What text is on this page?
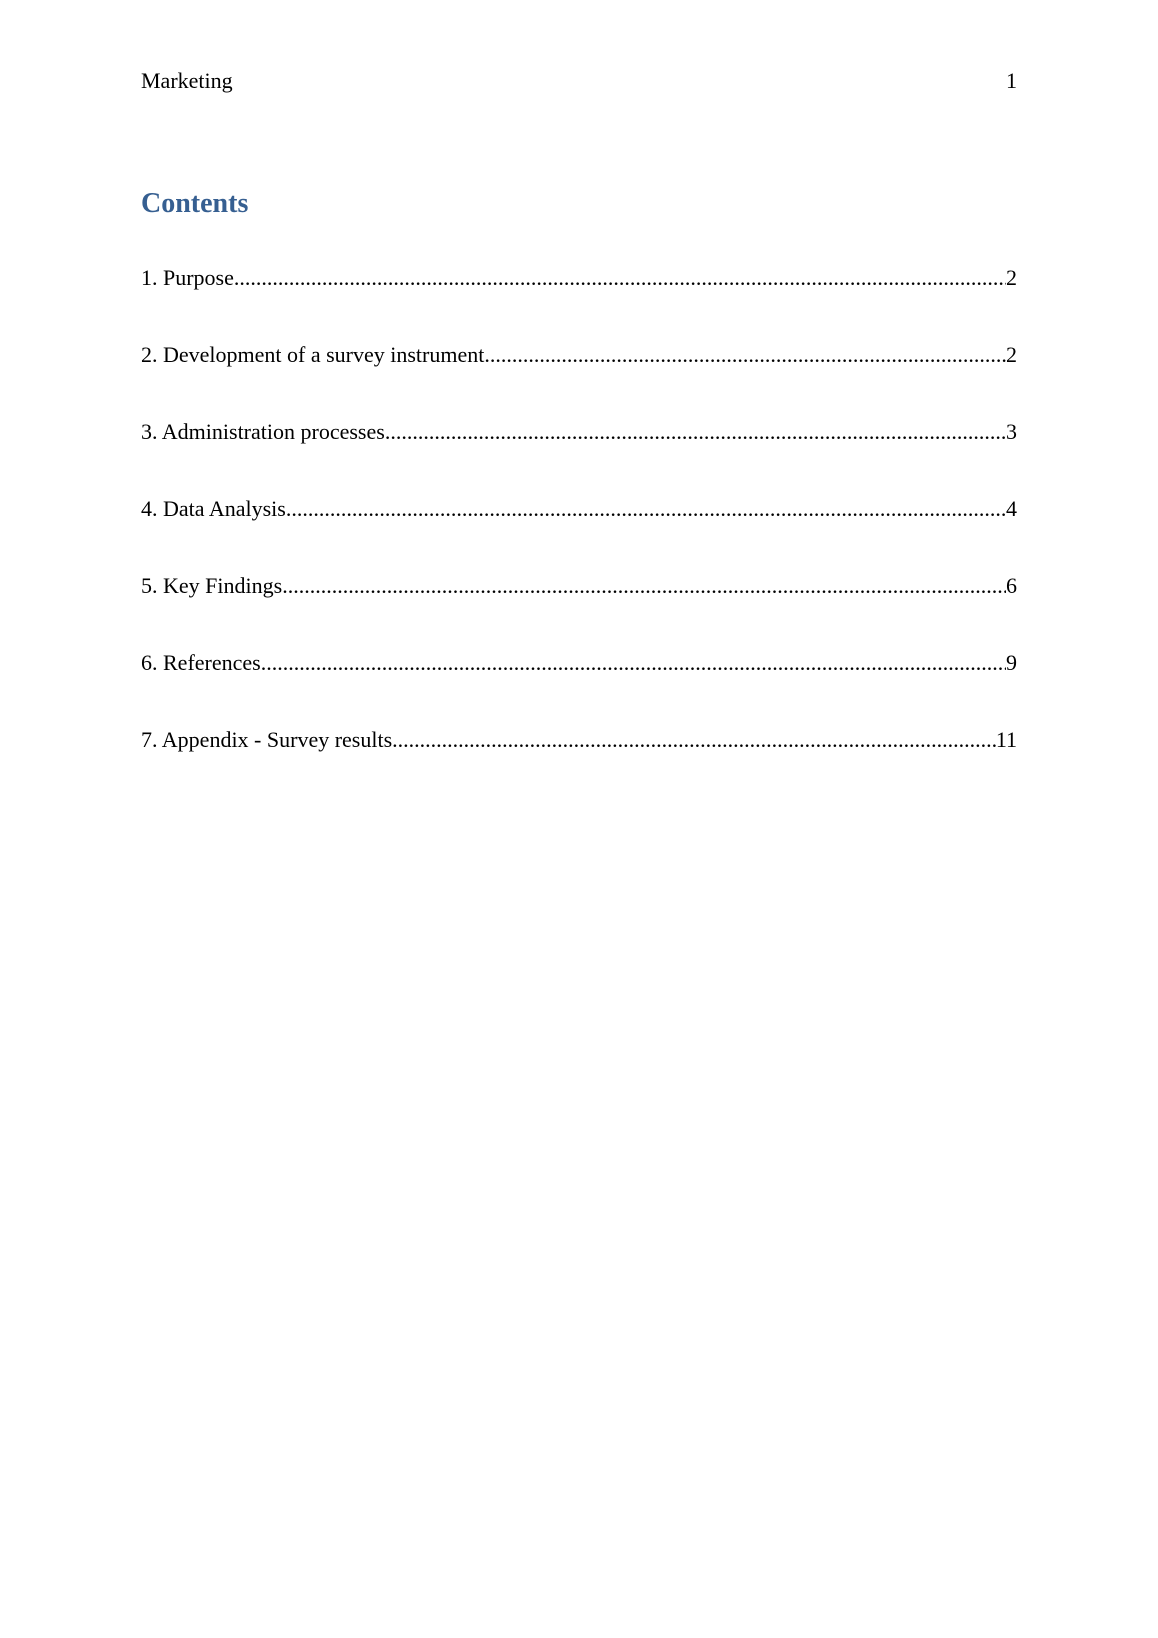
Marketing	1
Contents
1. Purpose .....	2
2. Development of a survey instrument .....	2
3. Administration processes .....	3
4. Data Analysis .....	4
5. Key Findings .....	6
6. References .....	9
7. Appendix - Survey results .....	11
